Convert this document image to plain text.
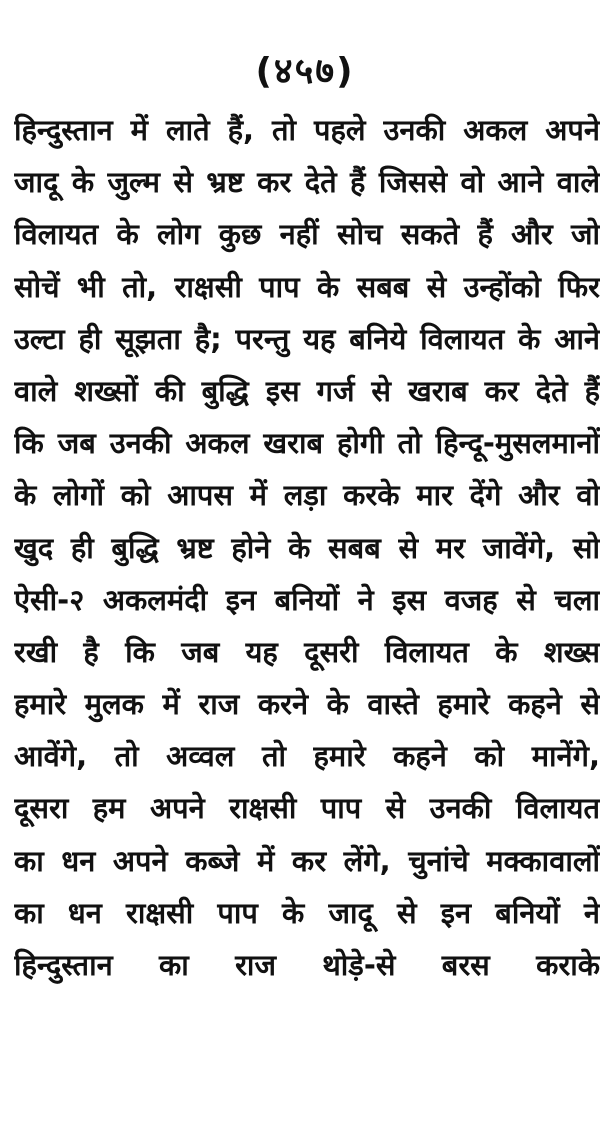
(४५७)
हिन्दुस्तान में लाते हैं, तो पहले उनकी अकल अपने
जादू के जुल्म से भ्रष्ट कर देते हैं जिससे वो आने वाले
विलायत के लोग कुछ नहीं सोच सकते हैं और जो
सोचें भी तो, राक्षसी पाप के सबब से उन्होंको फिर
उल्टा ही सूझता है; परन्तु यह बनिये विलायत के आने
वाले शख्सों की बुद्धि इस गर्ज से खराब कर देते हैं
कि जब उनकी अकल खराब होगी तो हिन्दू-मुसलमानों
के लोगों को आपस में लड़ा करके मार देंगे और वो
खुद ही बुद्धि भ्रष्ट होने के सबब से मर जावेंगे, सो
ऐसी-२ अकलमंदी इन बनियों ने इस वजह से चला
रखी है कि जब यह दूसरी विलायत के शख्स
हमारे मुलक में राज करने के वास्ते हमारे कहने से
आवेंगे, तो अव्वल तो हमारे कहने को मानेंगे,
दूसरा हम अपने राक्षसी पाप से उनकी विलायत
का धन अपने कब्जे में कर लेंगे, चुनांचे मक्कावालों
का धन राक्षसी पाप के जादू से इन बनियों ने
हिन्दुस्तान का राज थोड़े-से बरस कराके
